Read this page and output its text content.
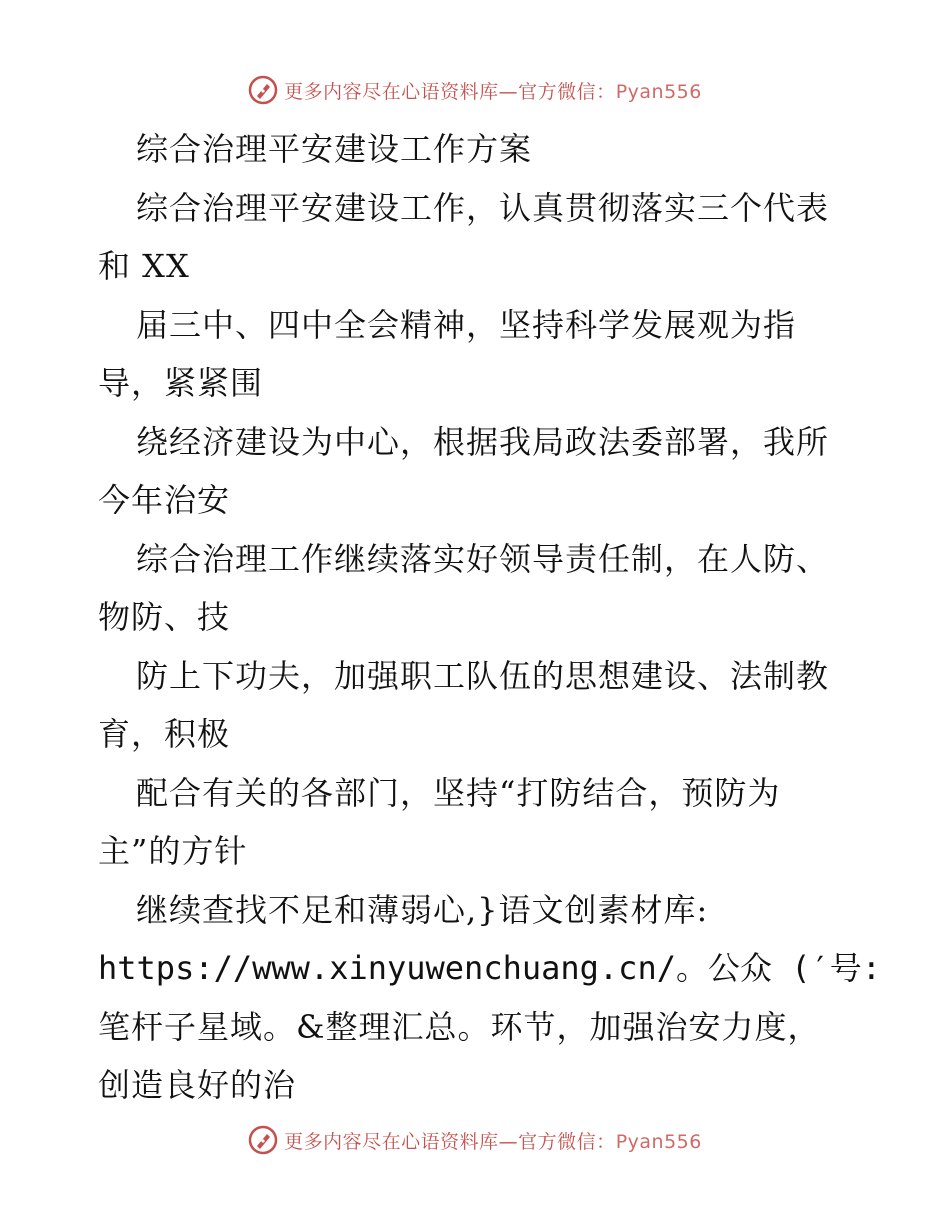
更多内容尽在心语资料库—官方微信：Pyan556

综合治理平安建设工作方案

综合治理平安建设工作，认真贯彻落实三个代表

和 XX

届三中、四中全会精神，坚持科学发展观为指

导，紧紧围

绕经济建设为中心，根据我局政法委部署，我所

今年治安

综合治理工作继续落实好领导责任制，在人防、

物防、技

防上下功夫，加强职工队伍的思想建设、法制教

育，积极

配合有关的各部门，坚持“打防结合，预防为

主”的方针

继续查找不足和薄弱心,}语文创素材库:

https://www.xinyuwenchuang.cn/。公众 (′号:

笔杆子星域。&整理汇总。环节，加强治安力度，

创造良好的治

更多内容尽在心语资料库—官方微信：Pyan556
